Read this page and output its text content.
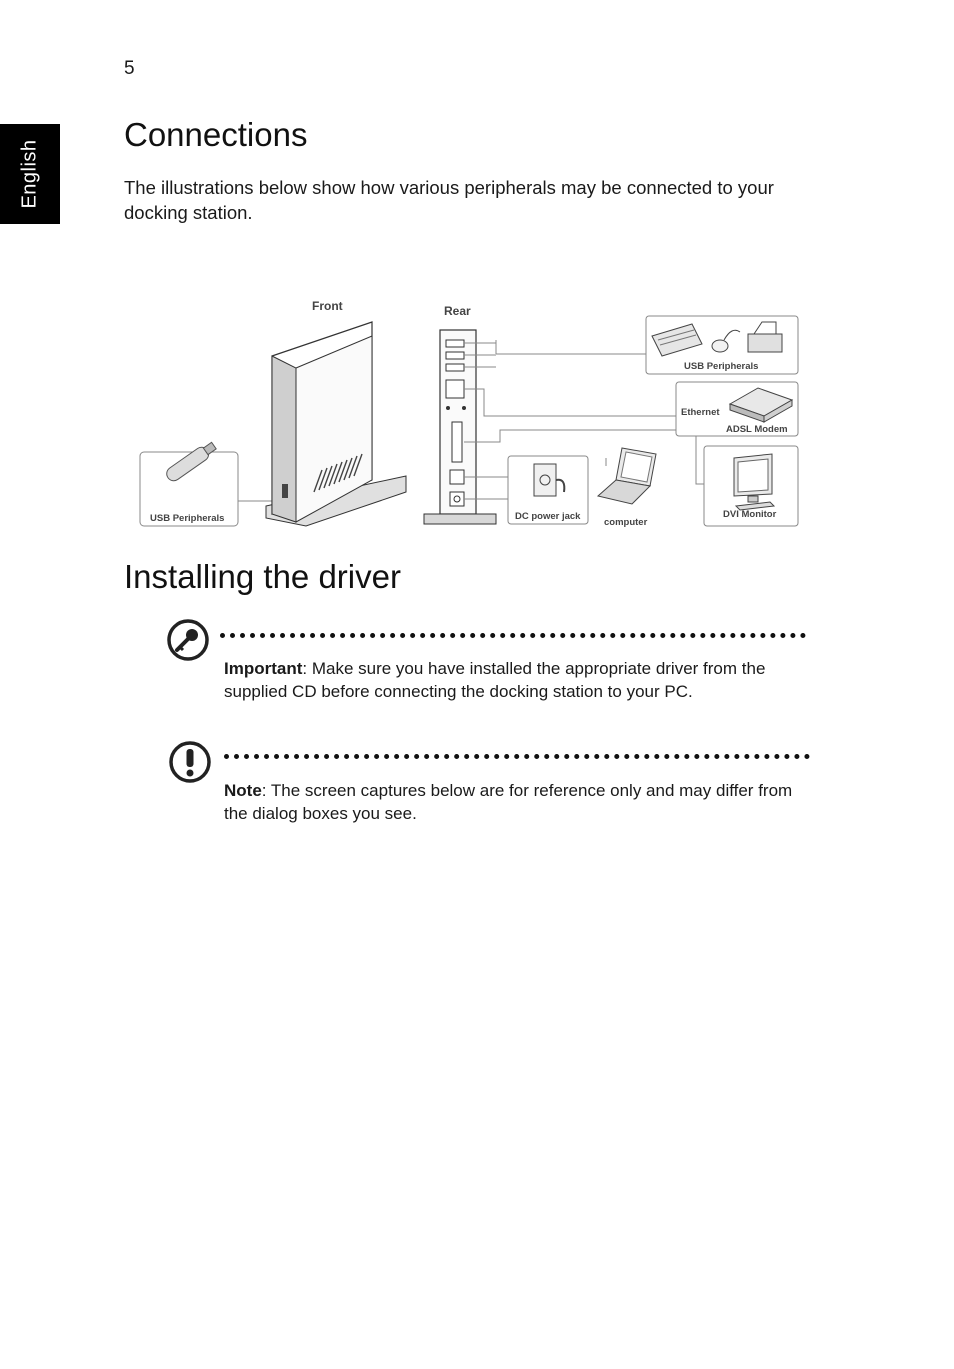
5
English
Connections

The illustrations below show how various peripherals may be connected to your docking station.

USB Peripherals
Front	Rear
USB Peripherals
Ethernet
ADSL Modem
DVI Monitor
DC power jack
computer
Installing the driver

Important: Make sure you have installed the appropriate driver from the supplied CD before connecting the docking station to your PC.

Note: The screen captures below are for reference only and may differ from the dialog boxes you see.
